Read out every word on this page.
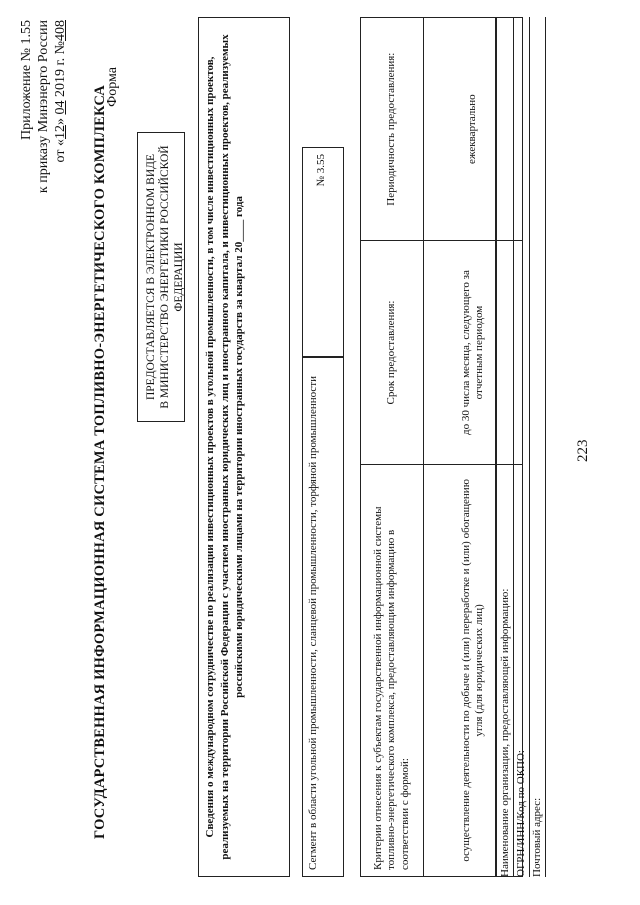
223
Приложение № 1.55 к приказу Минэнерго России от «12» 04 2019 г. №408
Форма
ГОСУДАРСТВЕННАЯ ИНФОРМАЦИОННАЯ СИСТЕМА ТОПЛИВНО-ЭНЕРГЕТИЧЕСКОГО КОМПЛЕКСА	ПРЕДОСТАВЛЯЕТСЯ В ЭЛЕКТРОННОМ ВИДЕ В МИНИСТЕРСТВО ЭНЕРГЕТИКИ РОССИЙСКОЙ ФЕДЕРАЦИИ	Сведения о международном сотрудничестве по реализации инвестиционных проектов в угольной промышленности, в том числе инвестиционных проектов, реализуемых на территории Российской Федерации с участием иностранных юридических лиц и иностранного капитала, и инвестиционных проектов, реализуемых российскими юридическими лицами на территории иностранных государств за квартал 20____ года	Сегмент в области угольной промышленности, сланцевой промышленности, торфяной промышленности
№ 3.55
Критерии отнесения к субъектам государственной информационной системы топливно-энергетического комплекса, предоставляющим информацию в соответствии с формой:	Срок предоставления:	Периодичность предоставления:
осуществление деятельности по добыче и (или) переработке и (или) обогащению угля (для юридических лиц)	до 30 числа месяца, следующего за отчетным периодом	ежеквартально
Наименование организации, предоставляющей информацию: ОГРН/ИНН/Код по ОКПО: Почтовый адрес:
